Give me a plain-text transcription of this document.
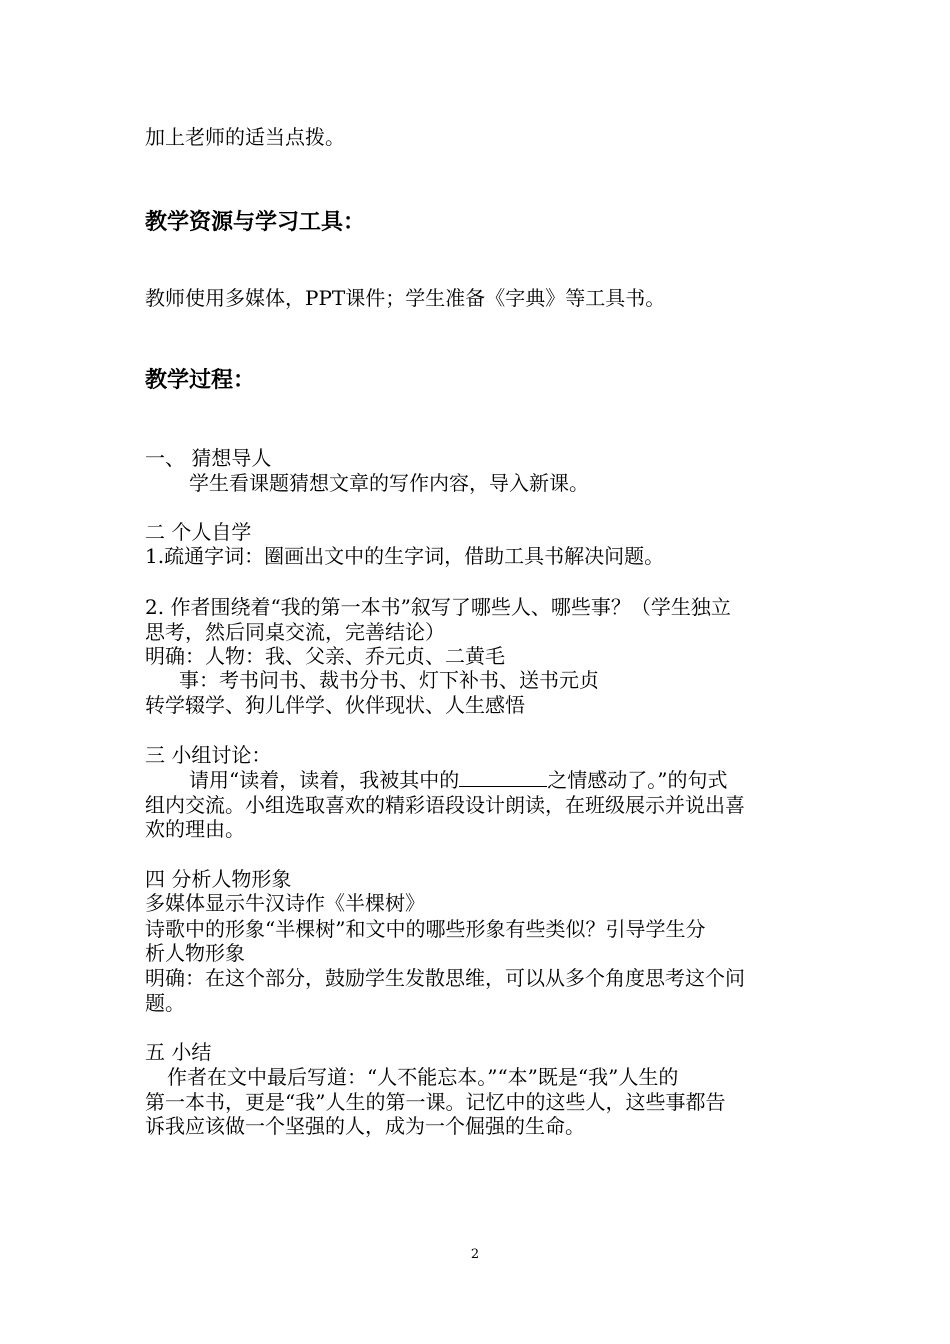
加上老师的适当点拨。
教学资源与学习工具：
教师使用多媒体，PPT课件；学生准备《字典》等工具书。
教学过程：
一、 猜想导人
学生看课题猜想文章的写作内容，导入新课。
二 个人自学
1.疏通字词：圈画出文中的生字词，借助工具书解决问题。
2. 作者围绕着“我的第一本书”叙写了哪些人、哪些事？（学生独立
思考，然后同桌交流，完善结论）
明确：人物：我、父亲、乔元贞、二黄毛
事：考书问书、裁书分书、灯下补书、送书元贞
转学辍学、狗儿伴学、伙伴现状、人生感悟
三 小组讨论：
请用“读着，读着，我被其中的	之情感动了。”的句式
组内交流。小组选取喜欢的精彩语段设计朗读，在班级展示并说出喜
欢的理由。
四 分析人物形象
多媒体显示牛汉诗作《半棵树》
诗歌中的形象“半棵树”和文中的哪些形象有些类似？引导学生分
析人物形象
明确：在这个部分，鼓励学生发散思维，可以从多个角度思考这个问
题。
五 小结
作者在文中最后写道：“人不能忘本。”“本”既是“我”人生的
第一本书，更是“我”人生的第一课。记忆中的这些人，这些事都告
诉我应该做一个坚强的人，成为一个倔强的生命。
2
